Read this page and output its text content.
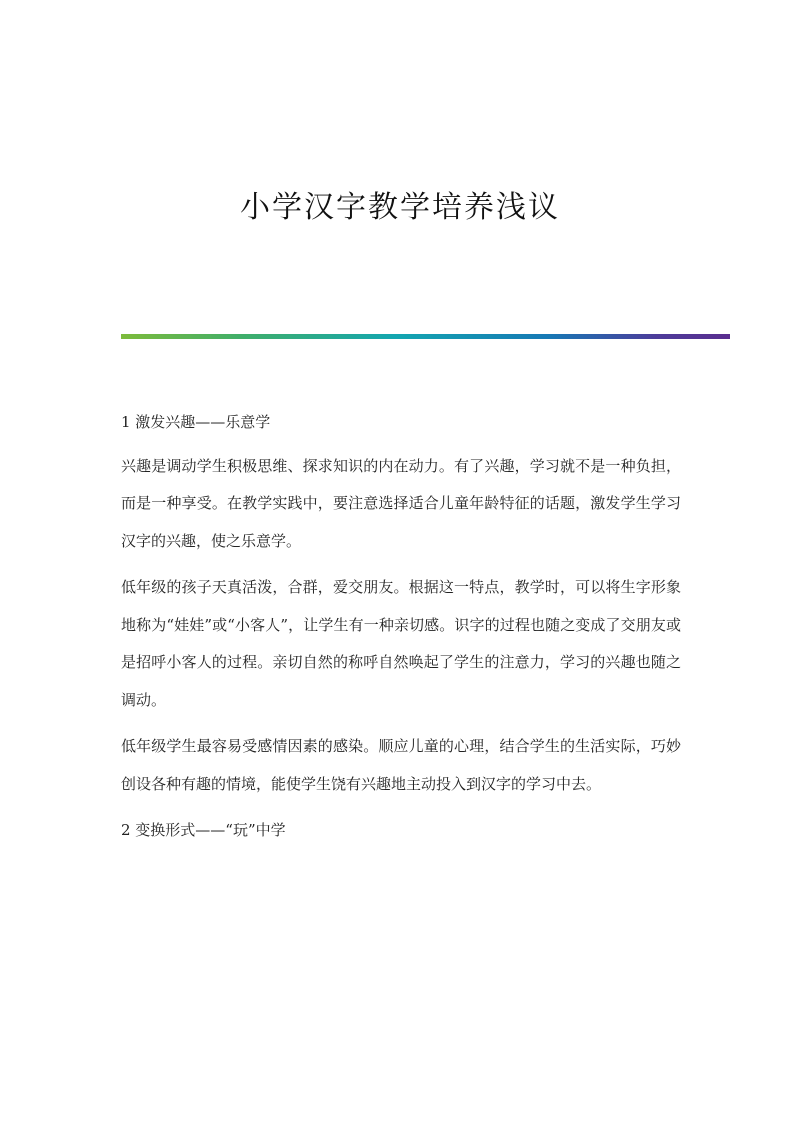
小学汉字教学培养浅议

1 激发兴趣——乐意学

兴趣是调动学生积极思维、探求知识的内在动力。有了兴趣，学习就不是一种负担，而是一种享受。在教学实践中，要注意选择适合儿童年龄特征的话题，激发学生学习汉字的兴趣，使之乐意学。

低年级的孩子天真活泼，合群，爱交朋友。根据这一特点，教学时，可以将生字形象地称为“娃娃”或“小客人”，让学生有一种亲切感。识字的过程也随之变成了交朋友或是招呼小客人的过程。亲切自然的称呼自然唤起了学生的注意力，学习的兴趣也随之调动。

低年级学生最容易受感情因素的感染。顺应儿童的心理，结合学生的生活实际，巧妙创设各种有趣的情境，能使学生饶有兴趣地主动投入到汉字的学习中去。

2 变换形式——“玩”中学
